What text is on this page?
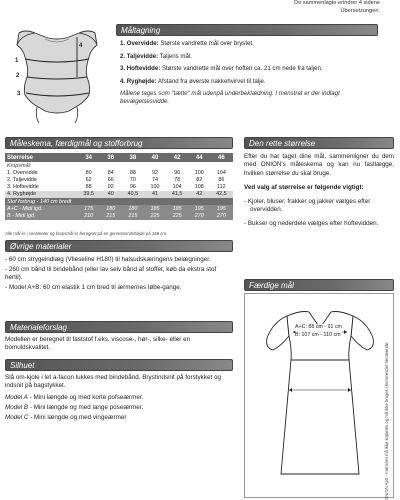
De sammenlagte erindrer 4 sidene
Übersetzungen.
Måltagning
1
2
3
4	1. Overvidde: Største vandrette mål over brystet.
2. Taljevidde: Taljens mål.
3. Hoftevidde: Største vandrette mål over hoften ca. 21 cm nede fra taljen.
4. Ryghøjde: Afstand fra øverste nakkehvirvel til talje.
Målene tages som "tætte" mål udenpå underbeklædning. I menstrat er der indlagt bevægelsesvidde.
Måleskema, færdigmål og stofforbrug
Størrelse	34	36	38	40	42	44	46
Kropsmål:							
1. Overvidde	80	84	88	92	96	100	104
2. Taljevidde	62	66	70	74	78	82	86
3. Hoftevidde	88	92	96	100	104	108	112
4. Ryghøjde	39,5	40	40,5	41	41,5	42	42,5
Stof forbrug - 140 cm bredt							
A+C - Midi lgd.	175	180	180	185	185	195	195
B - Midi lgd.	210	215	215	225	225	270	270
Alle mål er i centimeter og kropsmål er beregnet på en gennemsnitshøjde på 168 cm.
Den rette størrelse

Efter du har taget dine mål, sammenligner du dem med ONION's måleskema og kan nu fastlægge, hvilken størrelse du skal bruge.

Ved valg af størrelse er følgende vigtigt:

- Kjoler, bluser, frakker og jakker vælges efter overvidden.
- Bukser og nederdele vælges efter hoftevidden.
Øvrige materialer

- 60 cm strygeindlæg (Vlieseline H180) til halsudskæringens belægninger.

- 260 cm bånd til bindebånd (eller lav selv bånd af stoffet, køb da ekstra stof hertil).

- Model A+B: 60 cm elastik 1 cm bred til ærmernes løbe-gange.

Materialeforslag
Modellen er beregnet til faststof f.eks. viscose-, hør-, silke- eller en bomuldskvalitet.
Silhuet

Slå om-kjole i let a-facon lukkes med bindebånd. Brystindsnit på forstykket og indsnit på bagstykket.

Model A - Mini længde og med korte pofseærmer.

Model B - Mini længde og med lange poseærmer.

Model C - Mini længde og med vingeærmer

Færdige mål
A+C: 88 cm - 91 cm
B: 107 cm - 110 cm
ONION ApS - mønstret må ikke kopieres og må ikke bruges i kommerciel henseende.
